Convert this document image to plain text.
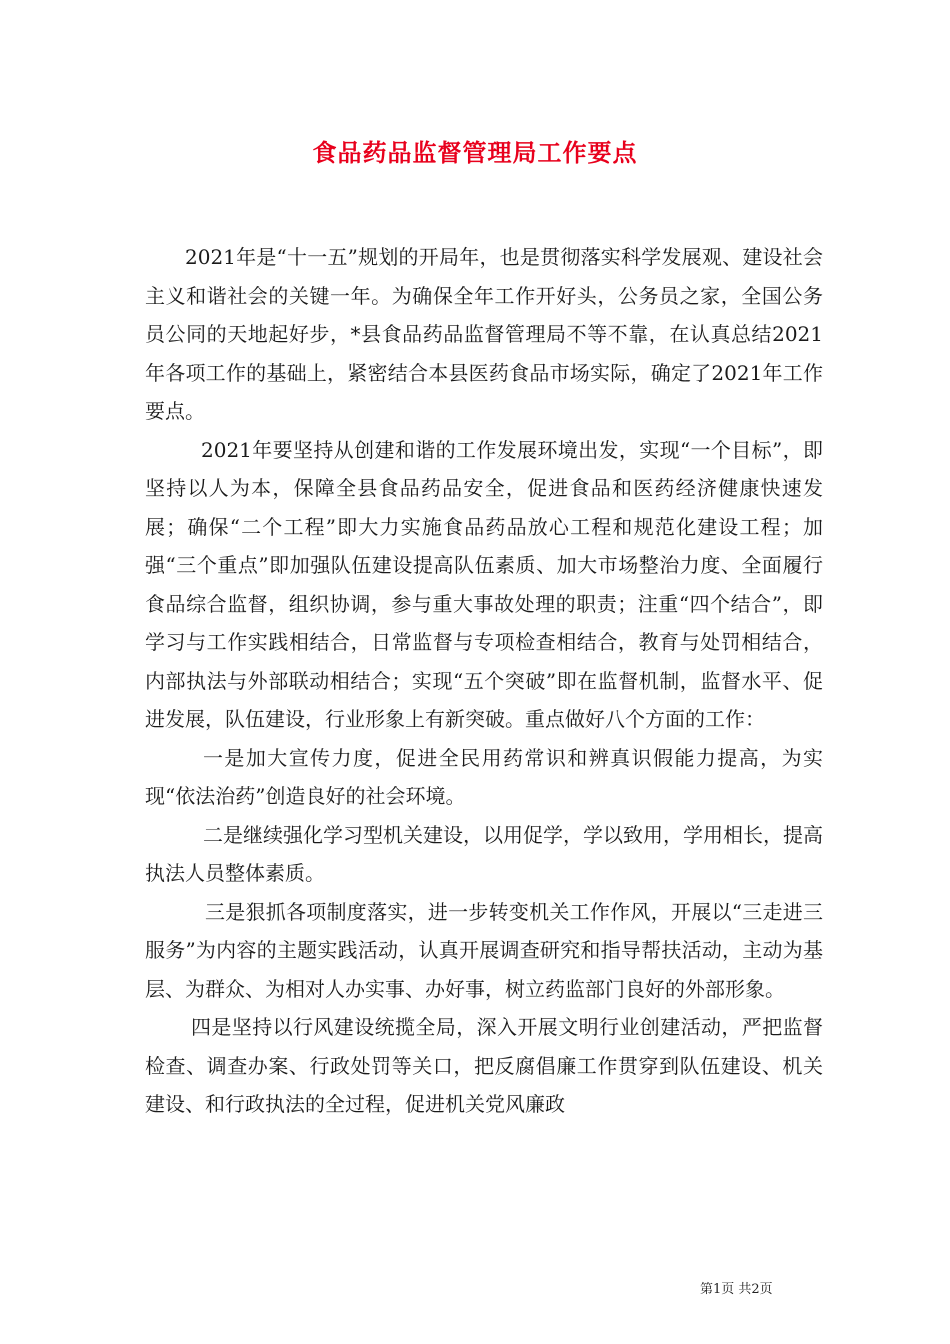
食品药品监督管理局工作要点

2021年是“十一五”规划的开局年，也是贯彻落实科学发展观、建设社会主义和谐社会的关键一年。为确保全年工作开好头，公务员之家，全国公务员公同的天地起好步，*县食品药品监督管理局不等不靠，在认真总结2021年各项工作的基础上，紧密结合本县医药食品市场实际，确定了2021年工作要点。

2021年要坚持从创建和谐的工作发展环境出发，实现“一个目标”，即坚持以人为本，保障全县食品药品安全，促进食品和医药经济健康快速发展；确保“二个工程”即大力实施食品药品放心工程和规范化建设工程；加强“三个重点”即加强队伍建设提高队伍素质、加大市场整治力度、全面履行食品综合监督，组织协调，参与重大事故处理的职责；注重“四个结合”，即学习与工作实践相结合，日常监督与专项检查相结合，教育与处罚相结合，内部执法与外部联动相结合；实现“五个突破”即在监督机制，监督水平、促进发展，队伍建设，行业形象上有新突破。重点做好八个方面的工作：

一是加大宣传力度，促进全民用药常识和辨真识假能力提高，为实现“依法治药”创造良好的社会环境。

二是继续强化学习型机关建设，以用促学，学以致用，学用相长，提高执法人员整体素质。

三是狠抓各项制度落实，进一步转变机关工作作风，开展以“三走进三服务”为内容的主题实践活动，认真开展调查研究和指导帮扶活动，主动为基层、为群众、为相对人办实事、办好事，树立药监部门良好的外部形象。

四是坚持以行风建设统揽全局，深入开展文明行业创建活动，严把监督检查、调查办案、行政处罚等关口，把反腐倡廉工作贯穿到队伍建设、机关建设、和行政执法的全过程，促进机关党风廉政

第1页 共2页
